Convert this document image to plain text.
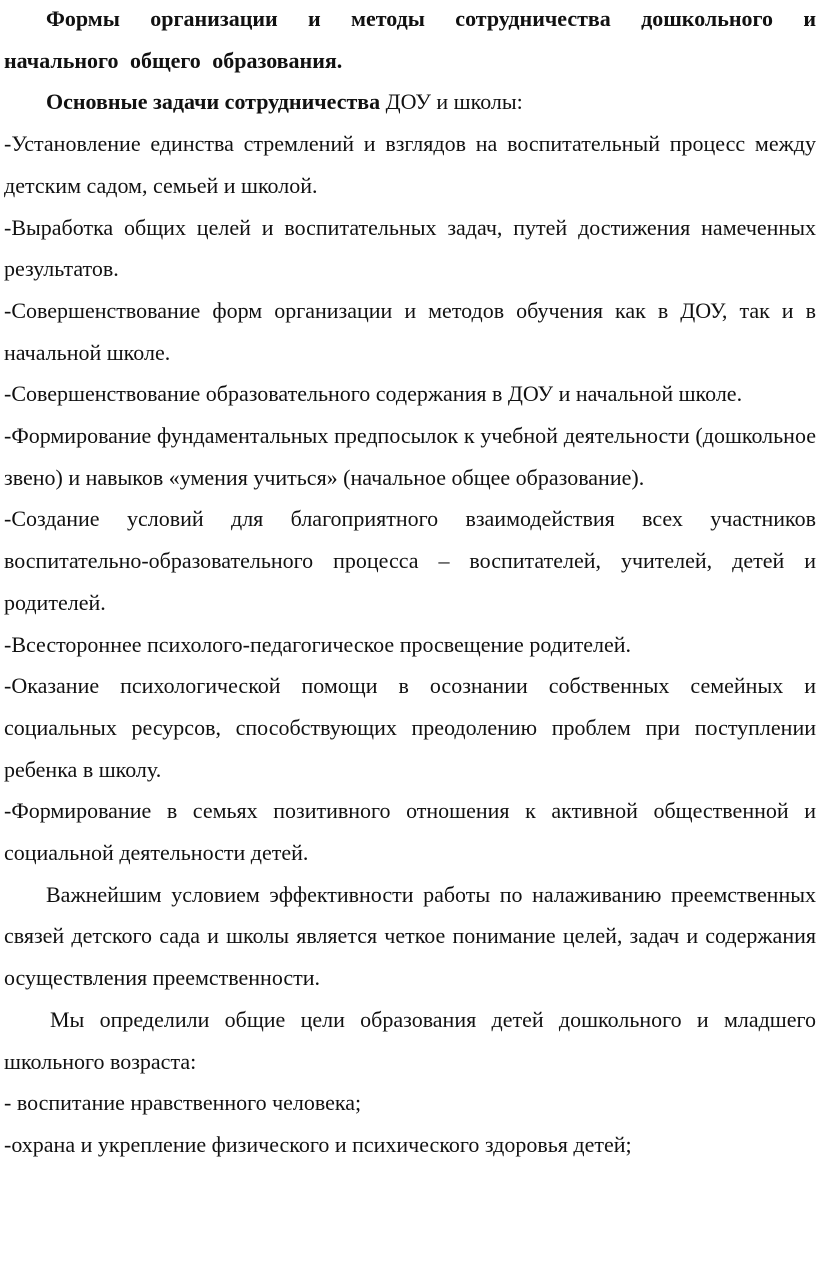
Формы организации и методы сотрудничества дошкольного и начального общего образования.

Основные задачи сотрудничества ДОУ и школы:

-Установление единства стремлений и взглядов на воспитательный процесс между детским садом, семьей и школой.

-Выработка общих целей и воспитательных задач, путей достижения намеченных результатов.

-Совершенствование форм организации и методов обучения как в ДОУ, так и в начальной школе.

-Совершенствование образовательного содержания в ДОУ и начальной школе.

-Формирование фундаментальных предпосылок к учебной деятельности (дошкольное звено) и навыков «умения учиться» (начальное общее образование).

-Создание условий для благоприятного взаимодействия всех участников воспитательно-образовательного процесса – воспитателей, учителей, детей и родителей.

-Всестороннее психолого-педагогическое просвещение родителей.

-Оказание психологической помощи в осознании собственных семейных и социальных ресурсов, способствующих преодолению проблем при поступлении ребенка в школу.

-Формирование в семьях позитивного отношения к активной общественной и социальной деятельности детей.

Важнейшим условием эффективности работы по налаживанию преемственных связей детского сада и школы является четкое понимание целей, задач и содержания осуществления преемственности.

Мы определили общие цели образования детей дошкольного и младшего школьного возраста:

- воспитание нравственного человека;

-охрана и укрепление физического и психического здоровья детей;
